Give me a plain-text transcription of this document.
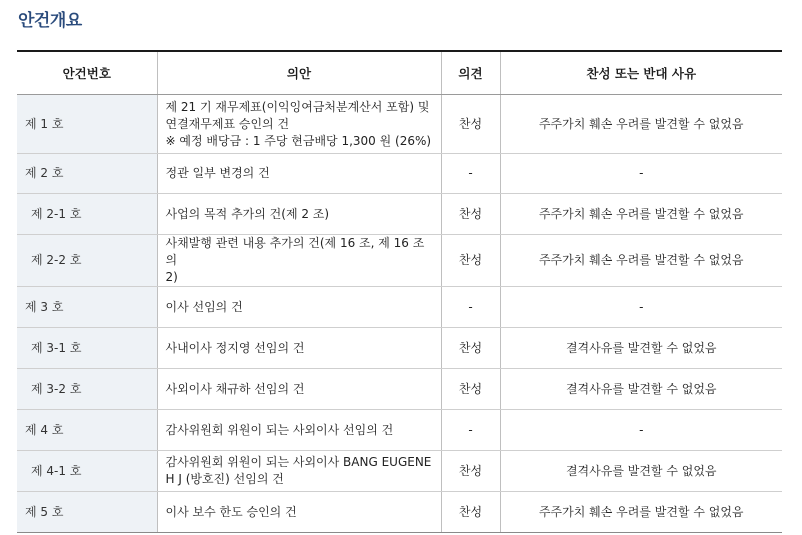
안건개요
안건번호	의안	의견	찬성 또는 반대 사유
제 1 호	제 21 기 재무제표(이익잉여금처분계산서 포함) 및
연결재무제표 승인의 건
※ 예정 배당금 : 1 주당 현금배당 1,300 원 (26%)	찬성	주주가치 훼손 우려를 발견할 수 없었음
제 2 호	정관 일부 변경의 건	-	-
제 2-1 호	사업의 목적 추가의 건(제 2 조)	찬성	주주가치 훼손 우려를 발견할 수 없었음
제 2-2 호	사채발행 관련 내용 추가의 건(제 16 조, 제 16 조의
2)	찬성	주주가치 훼손 우려를 발견할 수 없었음
제 3 호	이사 선임의 건	-	-
제 3-1 호	사내이사 정지영 선임의 건	찬성	결격사유를 발견할 수 없었음
제 3-2 호	사외이사 채규하 선임의 건	찬성	결격사유를 발견할 수 없었음
제 4 호	감사위원회 위원이 되는 사외이사 선임의 건	-	-
제 4-1 호	감사위원회 위원이 되는 사외이사 BANG EUGENE
H J (방호진) 선임의 건	찬성	결격사유를 발견할 수 없었음
제 5 호	이사 보수 한도 승인의 건	찬성	주주가치 훼손 우려를 발견할 수 없었음
